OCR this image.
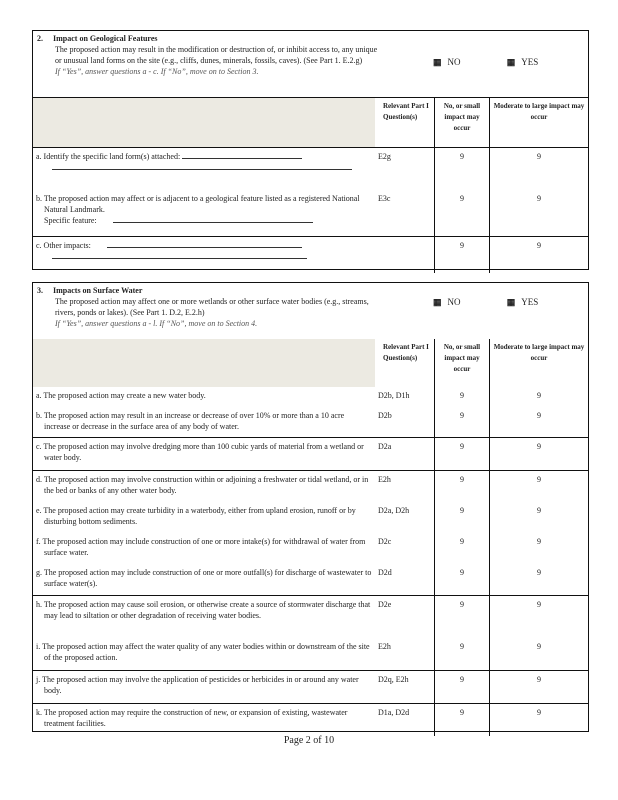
2. Impact on Geological Features
The proposed action may result in the modification or destruction of, or inhibit access to, any unique or unusual land forms on the site (e.g., cliffs, dunes, minerals, fossils, caves). (See Part 1. E.2.g)
If “Yes”, answer questions a - c. If “No”, move on to Section 3.
▦ NO	▦ YES
Relevant Part I Question(s)
No, or small impact may occur
Moderate to large impact may occur
a. Identify the specific land form(s) attached:	E2g	9	9
b. The proposed action may affect or is adjacent to a geological feature listed as a registered National Natural Landmark.
Specific feature:
E3c	9	9
c. Other impacts:	9	9
3. Impacts on Surface Water
The proposed action may affect one or more wetlands or other surface water bodies (e.g., streams, rivers, ponds or lakes). (See Part 1. D.2, E.2.h)
If “Yes”, answer questions a - l. If “No”, move on to Section 4.
▦ NO	▦ YES
Relevant Part I Question(s)
No, or small impact may occur
Moderate to large impact may occur
a. The proposed action may create a new water body.	D2b, D1h	9	9
b. The proposed action may result in an increase or decrease of over 10% or more than a 10 acre increase or decrease in the surface area of any body of water.
D2b	9	9
c. The proposed action may involve dredging more than 100 cubic yards of material from a wetland or water body.
D2a	9	9
d. The proposed action may involve construction within or adjoining a freshwater or tidal wetland, or in the bed or banks of any other water body.
E2h	9	9
e. The proposed action may create turbidity in a waterbody, either from upland erosion, runoff or by disturbing bottom sediments.
D2a, D2h	9	9
f. The proposed action may include construction of one or more intake(s) for withdrawal of water from surface water.
D2c	9	9
g. The proposed action may include construction of one or more outfall(s) for discharge of wastewater to surface water(s).
D2d	9	9
h. The proposed action may cause soil erosion, or otherwise create a source of stormwater discharge that may lead to siltation or other degradation of receiving water bodies.
D2e	9	9
i. The proposed action may affect the water quality of any water bodies within or downstream of the site of the proposed action.
E2h	9	9
j. The proposed action may involve the application of pesticides or herbicides in or around any water body.
D2q, E2h	9	9
k. The proposed action may require the construction of new, or expansion of existing, wastewater treatment facilities.
D1a, D2d	9	9
Page 2 of 10
